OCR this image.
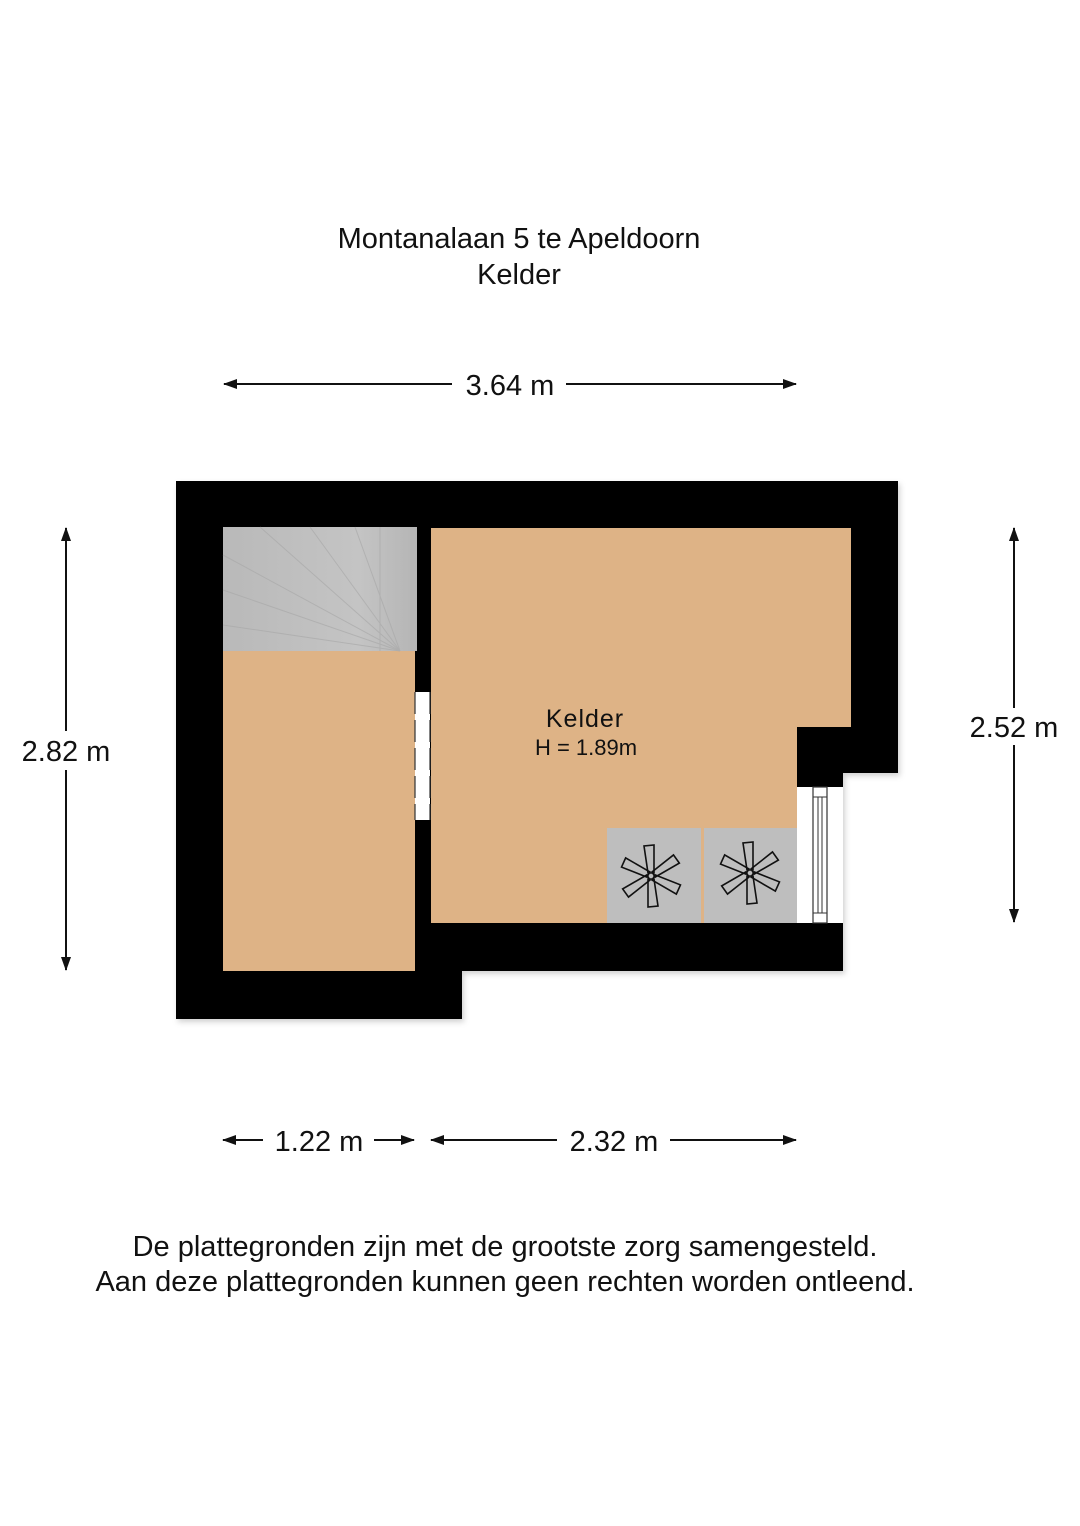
Montanalaan 5 te Apeldoorn
Kelder
Kelder
H = 1.89m
3.64 m
2.82 m
2.52 m
1.22 m	2.32 m
De plattegronden zijn met de grootste zorg samengesteld.
Aan deze plattegronden kunnen geen rechten worden ontleend.
